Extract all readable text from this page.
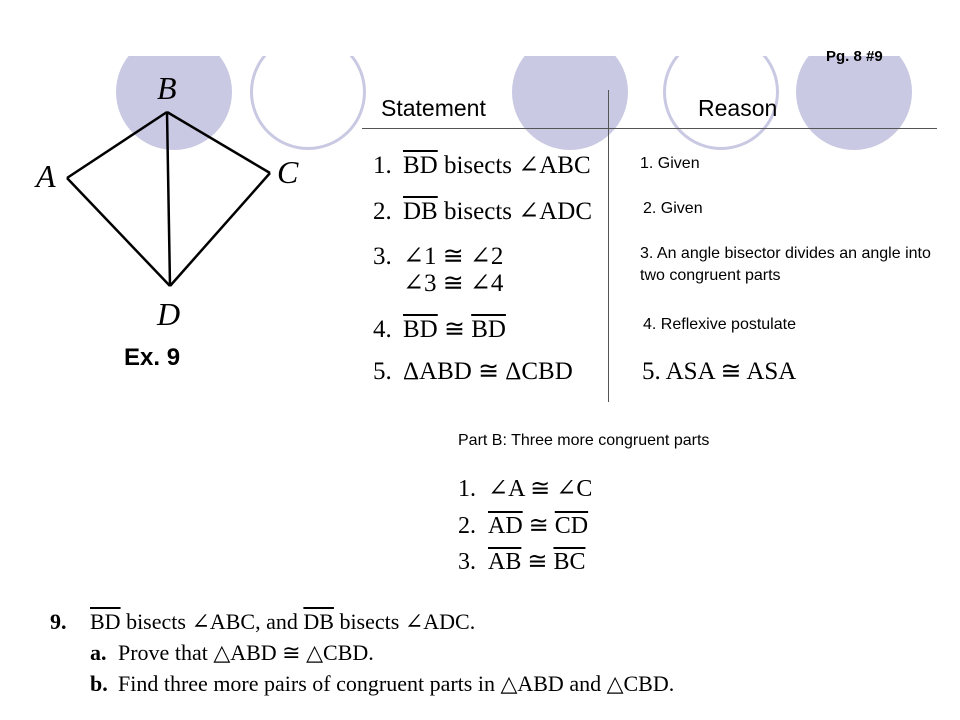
Pg. 8 #9
B
A	C
D
Ex. 9
Statement	Reason
1. $\overline{BD}$ bisects ∠ABC
2. $\overline{DB}$ bisects ∠ADC
3. ∠1 ≅ ∠2
∠3 ≅ ∠4
4. $\overline{BD}$ ≅ $\overline{BD}$
5. ΔABD ≅ ΔCBD
1. Given
2. Given
3. An angle bisector divides an angle into two congruent parts
4. Reflexive postulate
5. ASA ≅ ASA
Part B: Three more congruent parts
1. ∠A ≅ ∠C
2. $\overline{AD}$ ≅ $\overline{CD}$
3. $\overline{AB}$ ≅ $\overline{BC}$
9. $\overline{BD}$ bisects ∠ABC, and $\overline{DB}$ bisects ∠ADC.
a. Prove that △ABD ≅ △CBD.
b. Find three more pairs of congruent parts in △ABD and △CBD.
